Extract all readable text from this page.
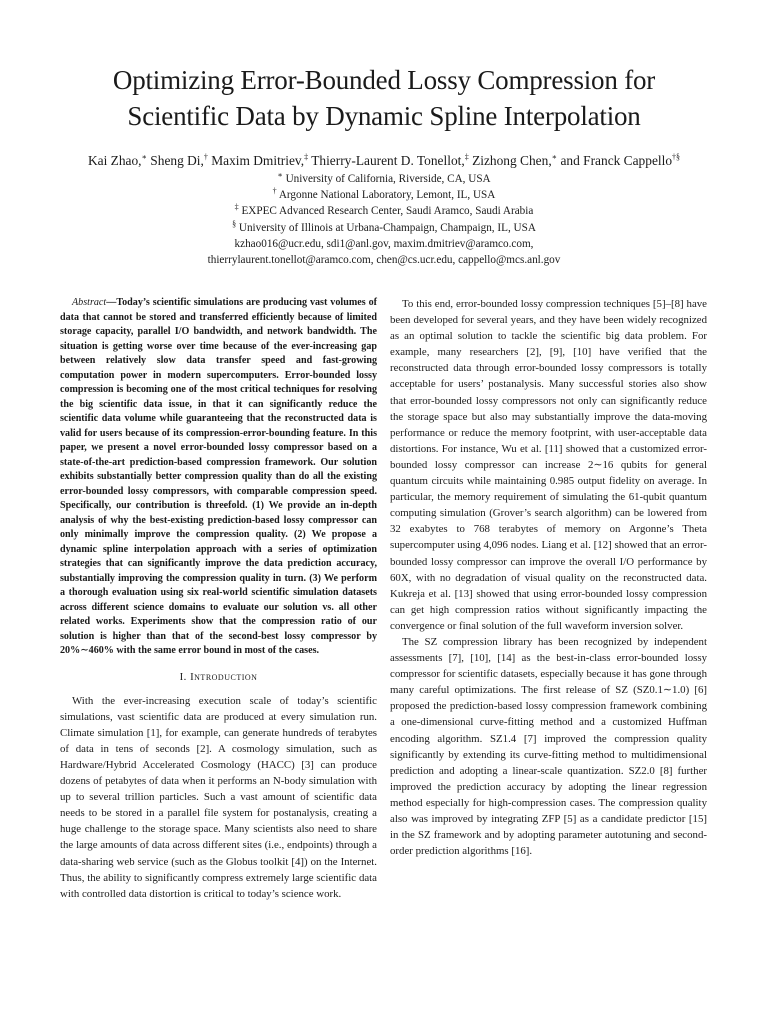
Optimizing Error-Bounded Lossy Compression for
Scientific Data by Dynamic Spline Interpolation
Kai Zhao,∗ Sheng Di,† Maxim Dmitriev,‡ Thierry-Laurent D. Tonellot,‡ Zizhong Chen,∗ and Franck Cappello†§
∗ University of California, Riverside, CA, USA
† Argonne National Laboratory, Lemont, IL, USA
‡ EXPEC Advanced Research Center, Saudi Aramco, Saudi Arabia
§ University of Illinois at Urbana-Champaign, Champaign, IL, USA
kzhao016@ucr.edu, sdi1@anl.gov, maxim.dmitriev@aramco.com,
thierrylaurent.tonellot@aramco.com, chen@cs.ucr.edu, cappello@mcs.anl.gov

Abstract—Today’s scientific simulations are producing vast volumes of data that cannot be stored and transferred efficiently because of limited storage capacity, parallel I/O bandwidth, and network bandwidth. The situation is getting worse over time because of the ever-increasing gap between relatively slow data transfer speed and fast-growing computation power in modern supercomputers. Error-bounded lossy compression is becoming one of the most critical techniques for resolving the big scientific data issue, in that it can significantly reduce the scientific data volume while guaranteeing that the reconstructed data is valid for users because of its compression-error-bounding feature. In this paper, we present a novel error-bounded lossy compressor based on a state-of-the-art prediction-based compression framework. Our solution exhibits substantially better compression quality than do all the existing error-bounded lossy compressors, with comparable compression speed. Specifically, our contribution is threefold. (1) We provide an in-depth analysis of why the best-existing prediction-based lossy compressor can only minimally improve the compression quality. (2) We propose a dynamic spline interpolation approach with a series of optimization strategies that can significantly improve the data prediction accuracy, substantially improving the compression quality in turn. (3) We perform a thorough evaluation using six real-world scientific simulation datasets across different science domains to evaluate our solution vs. all other related works. Experiments show that the compression ratio of our solution is higher than that of the second-best lossy compressor by 20%∼460% with the same error bound in most of the cases.

I. Introduction

With the ever-increasing execution scale of today’s scientific simulations, vast scientific data are produced at every simulation run. Climate simulation [1], for example, can generate hundreds of terabytes of data in tens of seconds [2]. A cosmology simulation, such as Hardware/Hybrid Accelerated Cosmology (HACC) [3] can produce dozens of petabytes of data when it performs an N-body simulation with up to several trillion particles. Such a vast amount of scientific data needs to be stored in a parallel file system for postanalysis, creating a huge challenge to the storage space. Many scientists also need to share the large amounts of data across different sites (i.e., endpoints) through a data-sharing web service (such as the Globus toolkit [4]) on the Internet. Thus, the ability to significantly compress extremely large scientific data with controlled data distortion is critical to today’s science work.

To this end, error-bounded lossy compression techniques [5]–[8] have been developed for several years, and they have been widely recognized as an optimal solution to tackle the scientific big data problem. For example, many researchers [2], [9], [10] have verified that the reconstructed data through error-bounded lossy compressors is totally acceptable for users’ postanalysis. Many successful stories also show that error-bounded lossy compressors not only can significantly reduce the storage space but also may substantially improve the data-moving performance or reduce the memory footprint, with user-acceptable data distortions. For instance, Wu et al. [11] showed that a customized error-bounded lossy compressor can increase 2∼16 qubits for general quantum circuits while maintaining 0.985 output fidelity on average. In particular, the memory requirement of simulating the 61-qubit quantum computing simulation (Grover’s search algorithm) can be lowered from 32 exabytes to 768 terabytes of memory on Argonne’s Theta supercomputer using 4,096 nodes. Liang et al. [12] showed that an error-bounded lossy compressor can improve the overall I/O performance by 60X, with no degradation of visual quality on the reconstructed data. Kukreja et al. [13] showed that using error-bounded lossy compression can get high compression ratios without significantly impacting the convergence or final solution of the full waveform inversion solver.

The SZ compression library has been recognized by independent assessments [7], [10], [14] as the best-in-class error-bounded lossy compressor for scientific datasets, especially because it has gone through many careful optimizations. The first release of SZ (SZ0.1∼1.0) [6] proposed the prediction-based lossy compression framework combining a one-dimensional curve-fitting method and a customized Huffman encoding algorithm. SZ1.4 [7] improved the compression quality significantly by extending its curve-fitting method to multidimensional prediction and adopting a linear-scale quantization. SZ2.0 [8] further improved the prediction accuracy by adopting the linear regression method especially for high-compression cases. The compression quality also was improved by integrating ZFP [5] as a candidate predictor [15] in the SZ framework and by adopting parameter autotuning and second-order prediction algorithms [16].
